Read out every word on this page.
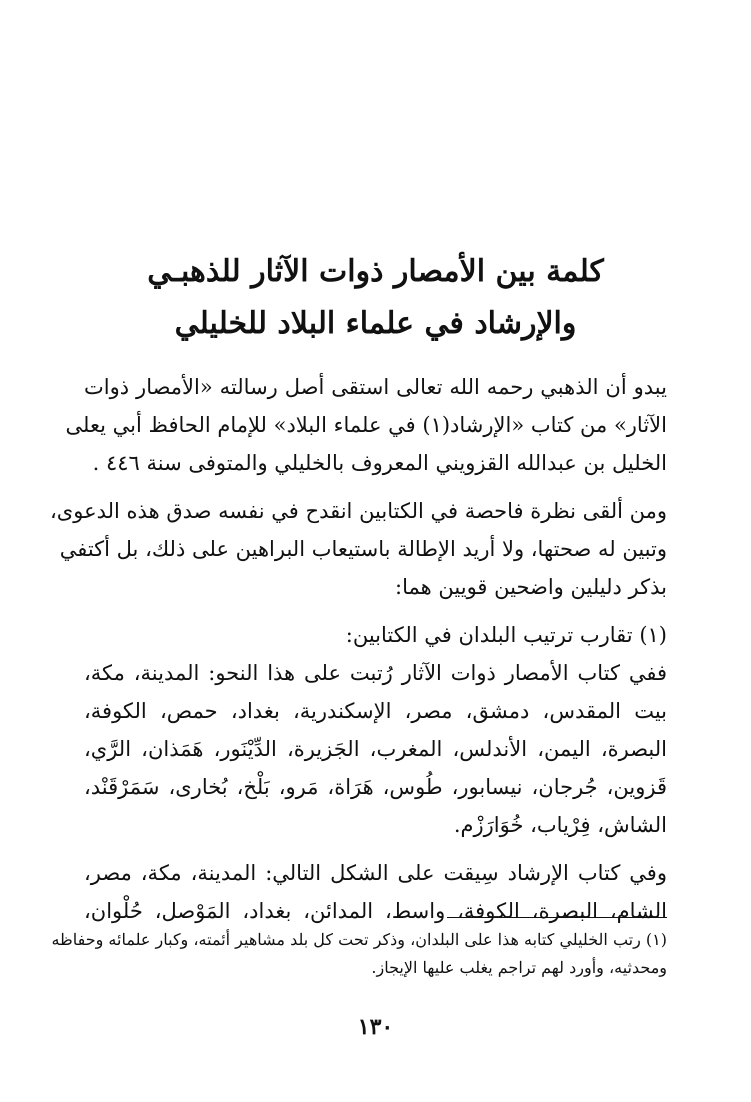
كلمة بين الأمصار ذوات الآثار للذهبـي
والإرشاد في علماء البلاد للخليلي
يبدو أن الذهبي رحمه الله تعالى استقى أصل رسالته «الأمصار ذوات
الآثار» من كتاب «الإرشاد(١) في علماء البلاد» للإمام الحافظ أبي يعلى
الخليل بن عبدالله القزويني المعروف بالخليلي والمتوفى سنة ٤٤٦ .
ومن ألقى نظرة فاحصة في الكتابين انقدح في نفسه صدق هذه الدعوى،
وتبين له صحتها، ولا أريد الإطالة باستيعاب البراهين على ذلك، بل أكتفي
بذكر دليلين واضحين قويين هما:
(١) تقارب ترتيب البلدان في الكتابين:
ففي كتاب الأمصار ذوات الآثار رُتبت على هذا النحو: المدينة، مكة،
بيت المقدس، دمشق، مصر، الإسكندرية، بغداد، حمص، الكوفة،
البصرة، اليمن، الأندلس، المغرب، الجَزيرة، الدِّيْنَور، هَمَذان، الرَّي،
قَزوين، جُرجان، نيسابور، طُوس، هَرَاة، مَرو، بَلْخ، بُخارى، سَمَرْقَنْد،
الشاش، فِرْياب، خُوَارَزْم.
وفي كتاب الإرشاد سِيقت على الشكل التالي: المدينة، مكة، مصر،
الشام، البصرة، الكوفة، واسط، المدائن، بغداد، المَوْصل، حُلْوان،
(١) رتب الخليلي كتابه هذا على البلدان، وذكر تحت كل بلد مشاهير أئمته، وكبار علمائه وحفاظه
ومحدثيه، وأورد لهم تراجم يغلب عليها الإيجاز.
١٣٠
